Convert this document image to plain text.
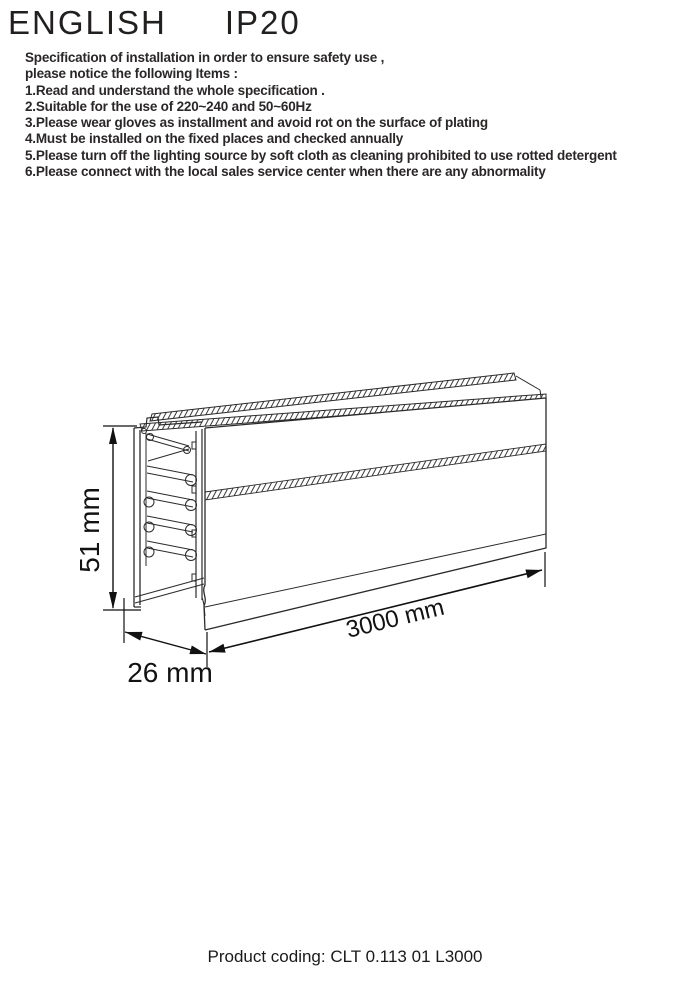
ENGLISH IP20
Specification of installation in order to ensure safety use ,
please notice the following Items :
1.Read and understand the whole specification .
2.Suitable for the use of 220~240 and 50~60Hz
3.Please wear gloves as installment and avoid rot on the surface of plating
4.Must be installed on the fixed places and checked annually
5.Please turn off the lighting source by soft cloth as cleaning prohibited to use rotted detergent
6.Please connect with the local sales service center when there are any abnormality
51 mm
26 mm
3000 mm
Product coding: CLT 0.113 01 L3000
